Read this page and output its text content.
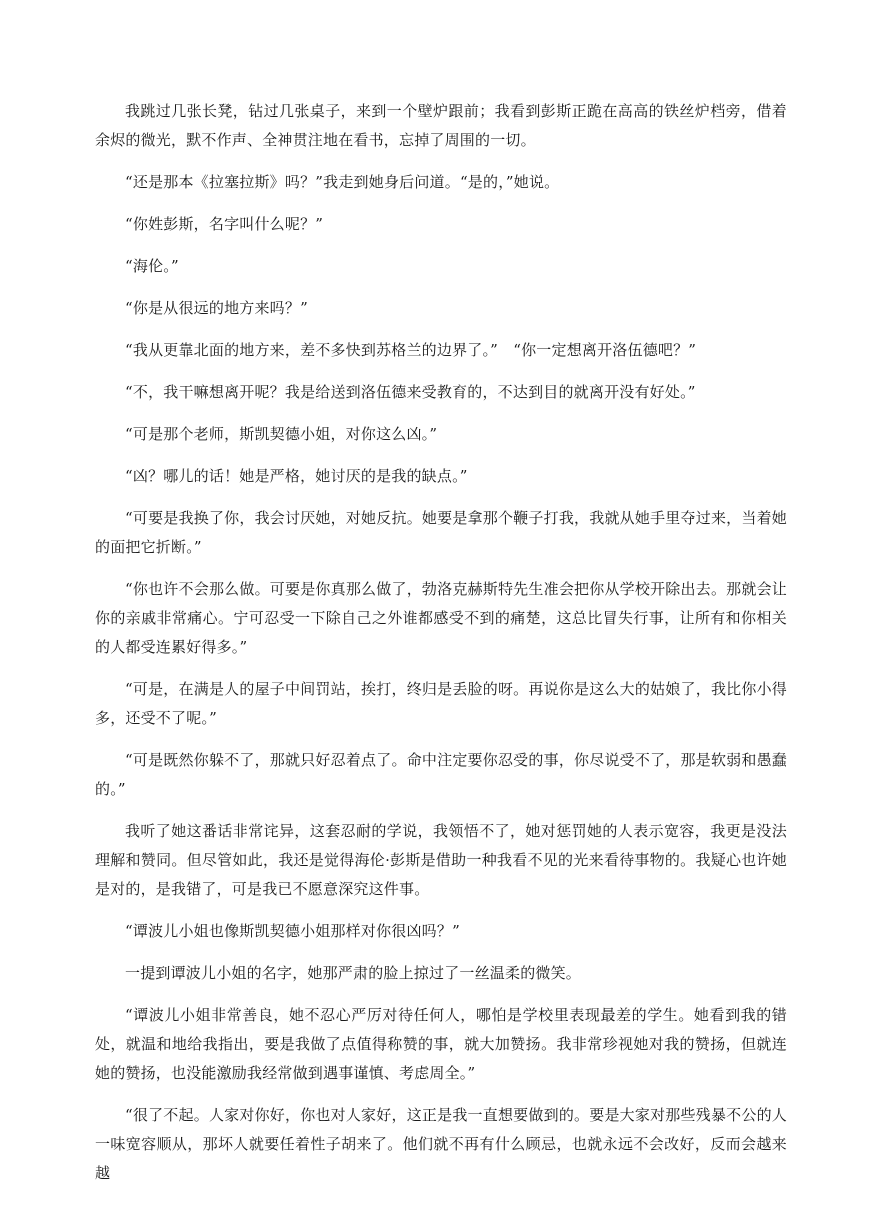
我跳过几张长凳，钻过几张桌子，来到一个壁炉跟前；我看到彭斯正跪在高高的铁丝炉档旁，借着余烬的微光，默不作声、全神贯注地在看书，忘掉了周围的一切。

“还是那本《拉塞拉斯》吗？”我走到她身后问道。“是的，”她说。

“你姓彭斯，名字叫什么呢？”

“海伦。”

“你是从很远的地方来吗？”

“我从更靠北面的地方来，差不多快到苏格兰的边界了。”　“你一定想离开洛伍德吧？”

“不，我干嘛想离开呢？我是给送到洛伍德来受教育的，不达到目的就离开没有好处。”

“可是那个老师，斯凯契德小姐，对你这么凶。”

“凶？哪儿的话！她是严格，她讨厌的是我的缺点。”

“可要是我换了你，我会讨厌她，对她反抗。她要是拿那个鞭子打我，我就从她手里夺过来，当着她的面把它折断。”

“你也许不会那么做。可要是你真那么做了，勃洛克赫斯特先生准会把你从学校开除出去。那就会让你的亲戚非常痛心。宁可忍受一下除自己之外谁都感受不到的痛楚，这总比冒失行事，让所有和你相关的人都受连累好得多。”

“可是，在满是人的屋子中间罚站，挨打，终归是丢脸的呀。再说你是这么大的姑娘了，我比你小得多，还受不了呢。”

“可是既然你躲不了，那就只好忍着点了。命中注定要你忍受的事，你尽说受不了，那是软弱和愚蠢的。”

我听了她这番话非常诧异，这套忍耐的学说，我领悟不了，她对惩罚她的人表示宽容，我更是没法理解和赞同。但尽管如此，我还是觉得海伦·彭斯是借助一种我看不见的光来看待事物的。我疑心也许她是对的，是我错了，可是我已不愿意深究这件事。

“谭波儿小姐也像斯凯契德小姐那样对你很凶吗？”

一提到谭波儿小姐的名字，她那严肃的脸上掠过了一丝温柔的微笑。

“谭波儿小姐非常善良，她不忍心严厉对待任何人，哪怕是学校里表现最差的学生。她看到我的错处，就温和地给我指出，要是我做了点值得称赞的事，就大加赞扬。我非常珍视她对我的赞扬，但就连她的赞扬，也没能激励我经常做到遇事谨慎、考虑周全。”

“很了不起。人家对你好，你也对人家好，这正是我一直想要做到的。要是大家对那些残暴不公的人一味宽容顺从，那坏人就要任着性子胡来了。他们就不再有什么顾忌，也就永远不会改好，反而会越来越
